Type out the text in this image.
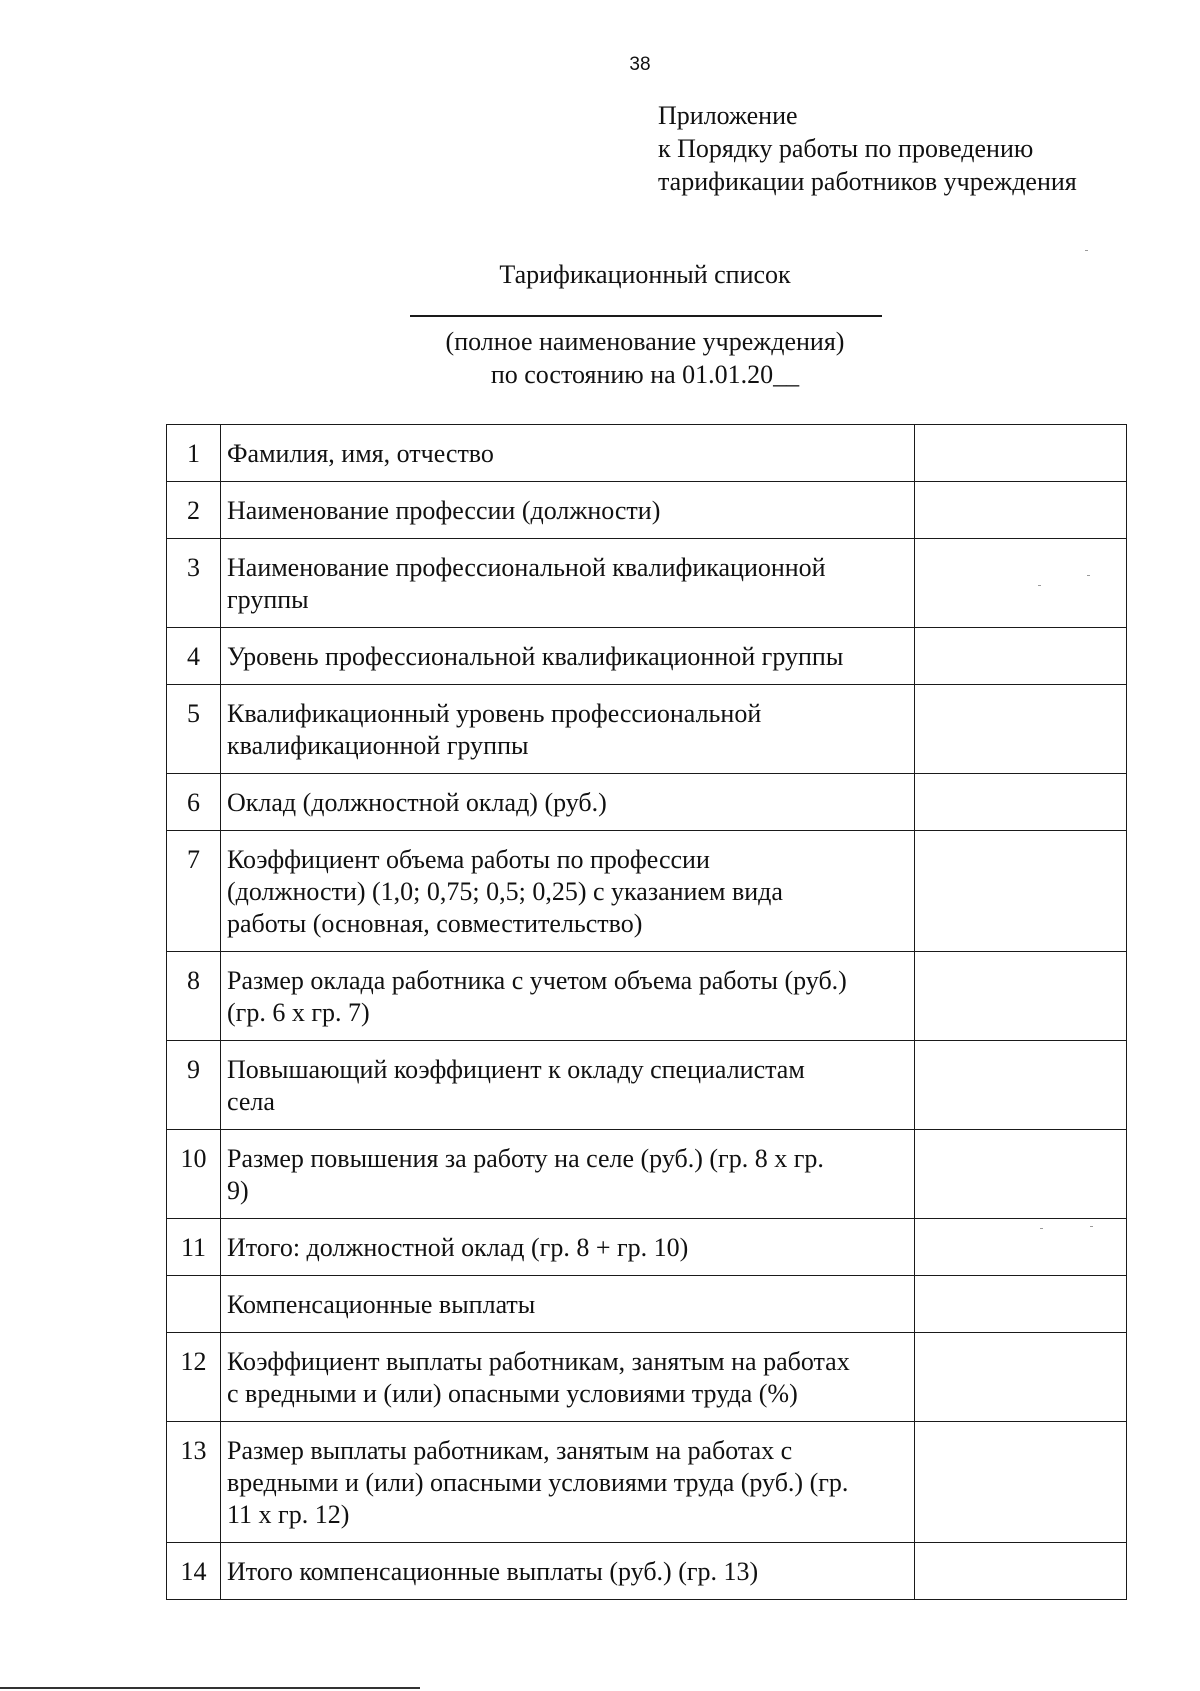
38
Приложение
к Порядку работы по проведению
тарификации работников учреждения
Тарификационный список
(полное наименование учреждения)
по состоянию на 01.01.20__
1	Фамилия, имя, отчество	

2	Наименование профессии (должности)	

3	Наименование профессиональной квалификационной
группы	

4	Уровень профессиональной квалификационной группы	

5	Квалификационный уровень профессиональной
квалификационной группы	

6	Оклад (должностной оклад) (руб.)	

7	Коэффициент объема работы по профессии
(должности) (1,0; 0,75; 0,5; 0,25) с указанием вида
работы (основная, совместительство)	

8	Размер оклада работника с учетом объема работы (руб.)
(гр. 6 х гр. 7)	

9	Повышающий коэффициент к окладу специалистам
села	

10	Размер повышения за работу на селе (руб.) (гр. 8 х гр.
9)	

11	Итого: должностной оклад (гр. 8 + гр. 10)	

	Компенсационные выплаты	

12	Коэффициент выплаты работникам, занятым на работах
с вредными и (или) опасными условиями труда (%)	

13	Размер выплаты работникам, занятым на работах с
вредными и (или) опасными условиями труда (руб.) (гр.
11 х гр. 12)	

14	Итого компенсационные выплаты (руб.) (гр. 13)	
